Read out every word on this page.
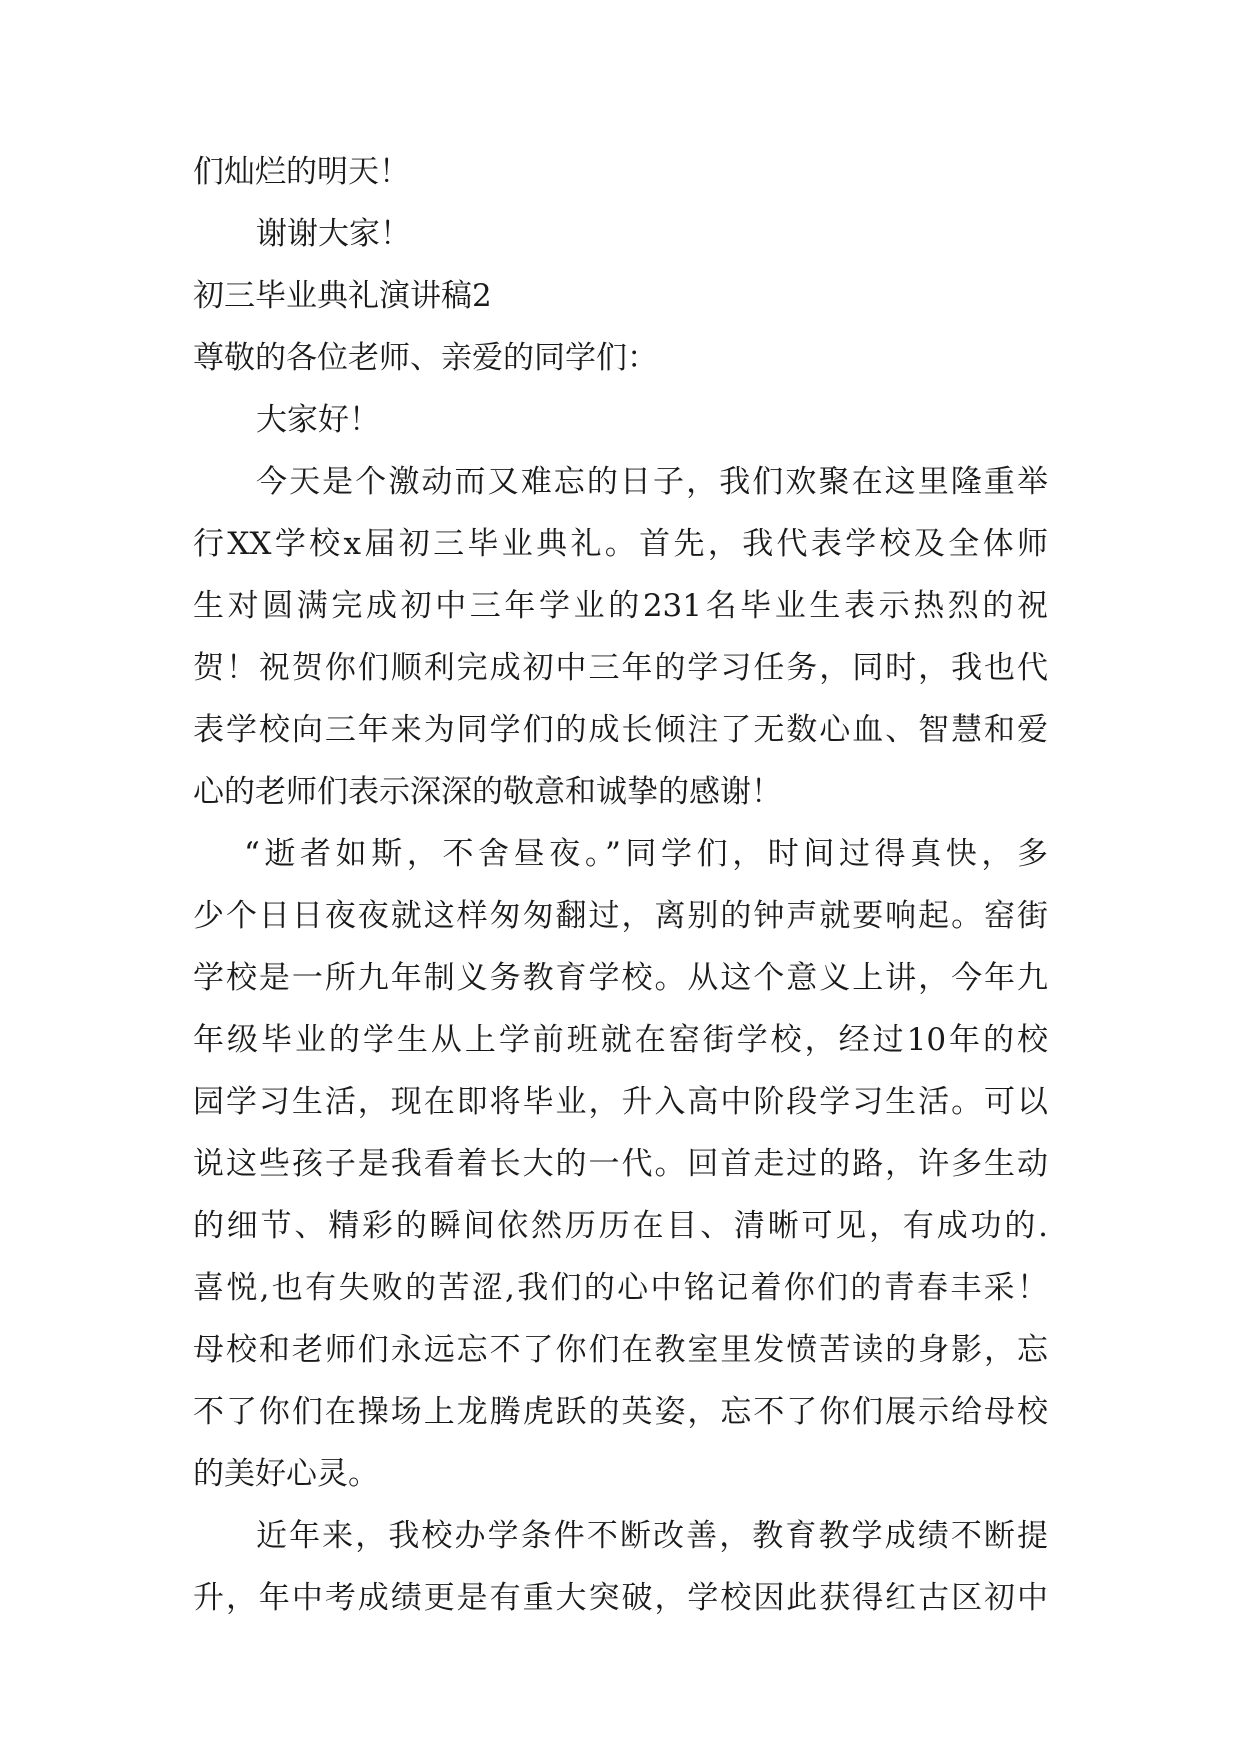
们灿烂的明天！

谢谢大家！

初三毕业典礼演讲稿2

尊敬的各位老师、亲爱的同学们：

大家好！

今天是个激动而又难忘的日子，我们欢聚在这里隆重举

行XX学校x届初三毕业典礼。首先，我代表学校及全体师

生对圆满完成初中三年学业的231名毕业生表示热烈的祝

贺！祝贺你们顺利完成初中三年的学习任务，同时，我也代

表学校向三年来为同学们的成长倾注了无数心血、智慧和爱

心的老师们表示深深的敬意和诚挚的感谢！

“逝者如斯，不舍昼夜。”同学们，时间过得真快，多

少个日日夜夜就这样匆匆翻过，离别的钟声就要响起。窑街

学校是一所九年制义务教育学校。从这个意义上讲，今年九

年级毕业的学生从上学前班就在窑街学校，经过10年的校

园学习生活，现在即将毕业，升入高中阶段学习生活。可以

说这些孩子是我看着长大的一代。回首走过的路，许多生动

的细节、精彩的瞬间依然历历在目、清晰可见，有成功的.

喜悦,也有失败的苦涩,我们的心中铭记着你们的青春丰采！

母校和老师们永远忘不了你们在教室里发愤苦读的身影，忘

不了你们在操场上龙腾虎跃的英姿，忘不了你们展示给母校

的美好心灵。

近年来，我校办学条件不断改善，教育教学成绩不断提

升，年中考成绩更是有重大突破，学校因此获得红古区初中
